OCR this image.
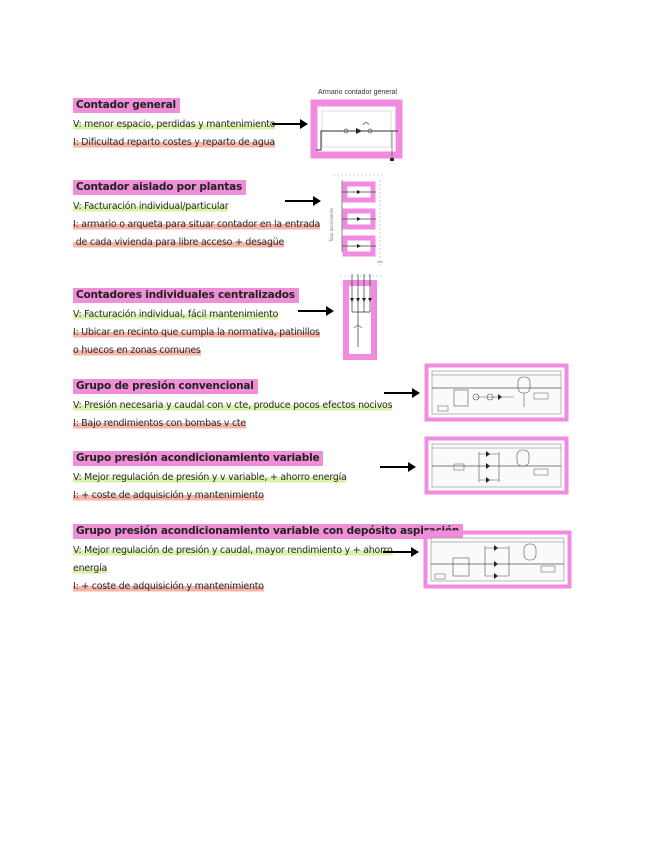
Contador general
V: menor espacio, perdidas y mantenimiento
I: Dificultad reparto costes y reparto de agua
Contador aislado por plantas
V: Facturación individual/particular
I: armario o arqueta para situar contador en la entrada
de cada vivienda para libre acceso + desagüe
Contadores individuales centralizados
V: Facturación individual, fácil mantenimiento
I: Ubicar en recinto que cumpla la normativa, patinillos
o huecos en zonas comunes
Grupo de presión convencional
V: Presión necesaria y caudal con v cte, produce pocos efectos nocivos
I: Bajo rendimientos con bombas v cte
Grupo presión acondicionamiento variable
V: Mejor regulación de presión y v variable, + ahorro energía
I: + coste de adquisición y mantenimiento
Grupo presión acondicionamiento variable con depósito aspiración
V: Mejor regulación de presión y caudal, mayor rendimiento y + ahorro
energía
I: + coste de adquisición y mantenimiento
Armario contador general
Tubo ascendente
